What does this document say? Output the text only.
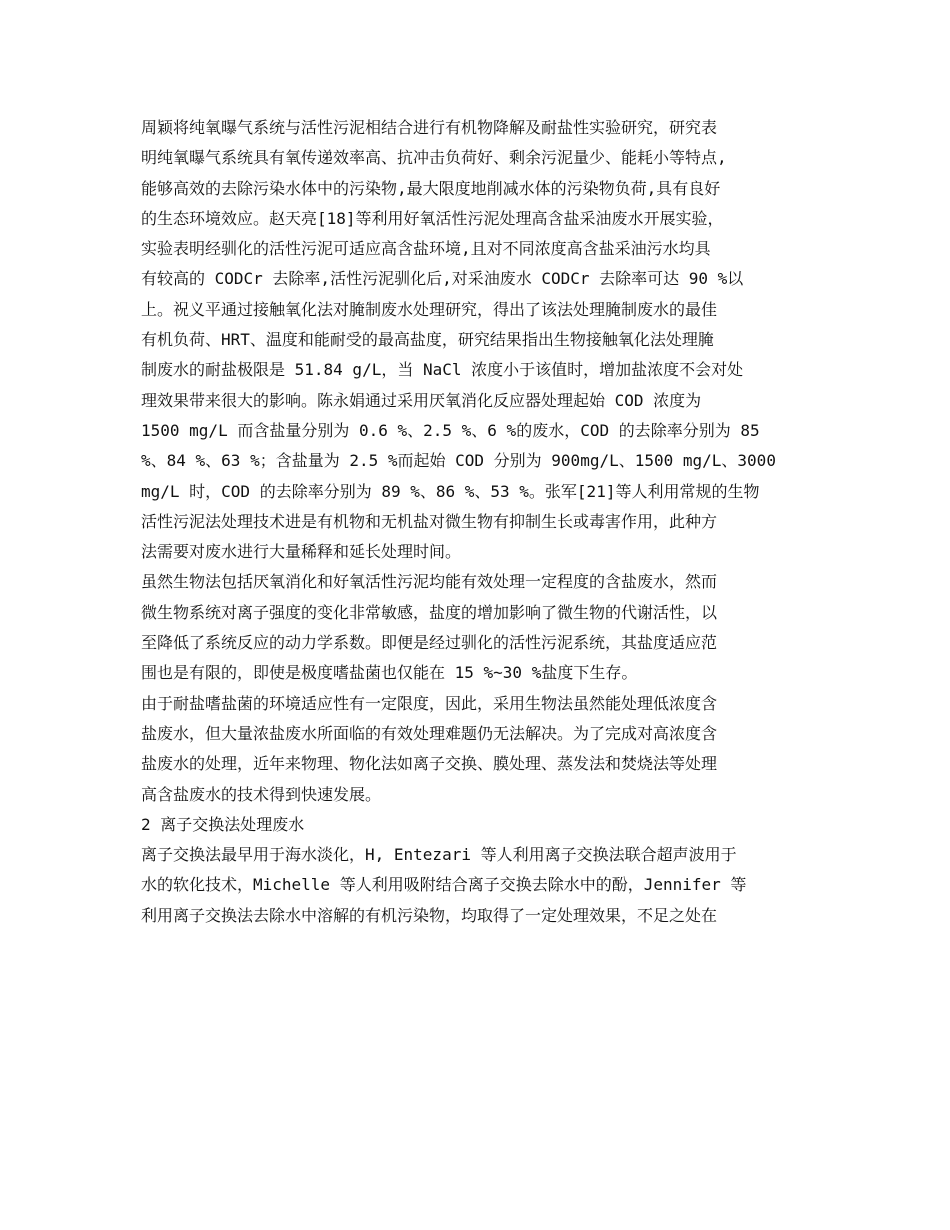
周颖将纯氧曝气系统与活性污泥相结合进行有机物降解及耐盐性实验研究，研究表
明纯氧曝气系统具有氧传递效率高、抗冲击负荷好、剩余污泥量少、能耗小等特点,
能够高效的去除污染水体中的污染物,最大限度地削减水体的污染物负荷,具有良好
的生态环境效应。赵天亮[18]等利用好氧活性污泥处理高含盐采油废水开展实验，
实验表明经驯化的活性污泥可适应高含盐环境,且对不同浓度高含盐采油污水均具
有较高的 CODCr 去除率,活性污泥驯化后,对采油废水 CODCr 去除率可达 90 %以
上。祝义平通过接触氧化法对腌制废水处理研究，得出了该法处理腌制废水的最佳
有机负荷、HRT、温度和能耐受的最高盐度，研究结果指出生物接触氧化法处理腌
制废水的耐盐极限是 51.84 g/L，当 NaCl 浓度小于该值时，增加盐浓度不会对处
理效果带来很大的影响。陈永娟通过采用厌氧消化反应器处理起始 COD 浓度为
1500 mg/L 而含盐量分别为 0.6 %、2.5 %、6 %的废水，COD 的去除率分别为 85
%、84 %、63 %；含盐量为 2.5 %而起始 COD 分别为 900mg/L、1500 mg/L、3000
mg/L 时，COD 的去除率分别为 89 %、86 %、53 %。张军[21]等人利用常规的生物
活性污泥法处理技术进是有机物和无机盐对微生物有抑制生长或毒害作用，此种方
法需要对废水进行大量稀释和延长处理时间。
虽然生物法包括厌氧消化和好氧活性污泥均能有效处理一定程度的含盐废水，然而
微生物系统对离子强度的变化非常敏感，盐度的增加影响了微生物的代谢活性，以
至降低了系统反应的动力学系数。即便是经过驯化的活性污泥系统，其盐度适应范
围也是有限的，即使是极度嗜盐菌也仅能在 15 %~30 %盐度下生存。
由于耐盐嗜盐菌的环境适应性有一定限度，因此，采用生物法虽然能处理低浓度含
盐废水，但大量浓盐废水所面临的有效处理难题仍无法解决。为了完成对高浓度含
盐废水的处理，近年来物理、物化法如离子交换、膜处理、蒸发法和焚烧法等处理
高含盐废水的技术得到快速发展。
2 离子交换法处理废水
离子交换法最早用于海水淡化，H, Entezari 等人利用离子交换法联合超声波用于
水的软化技术，Michelle 等人利用吸附结合离子交换去除水中的酚，Jennifer 等
利用离子交换法去除水中溶解的有机污染物，均取得了一定处理效果，不足之处在
